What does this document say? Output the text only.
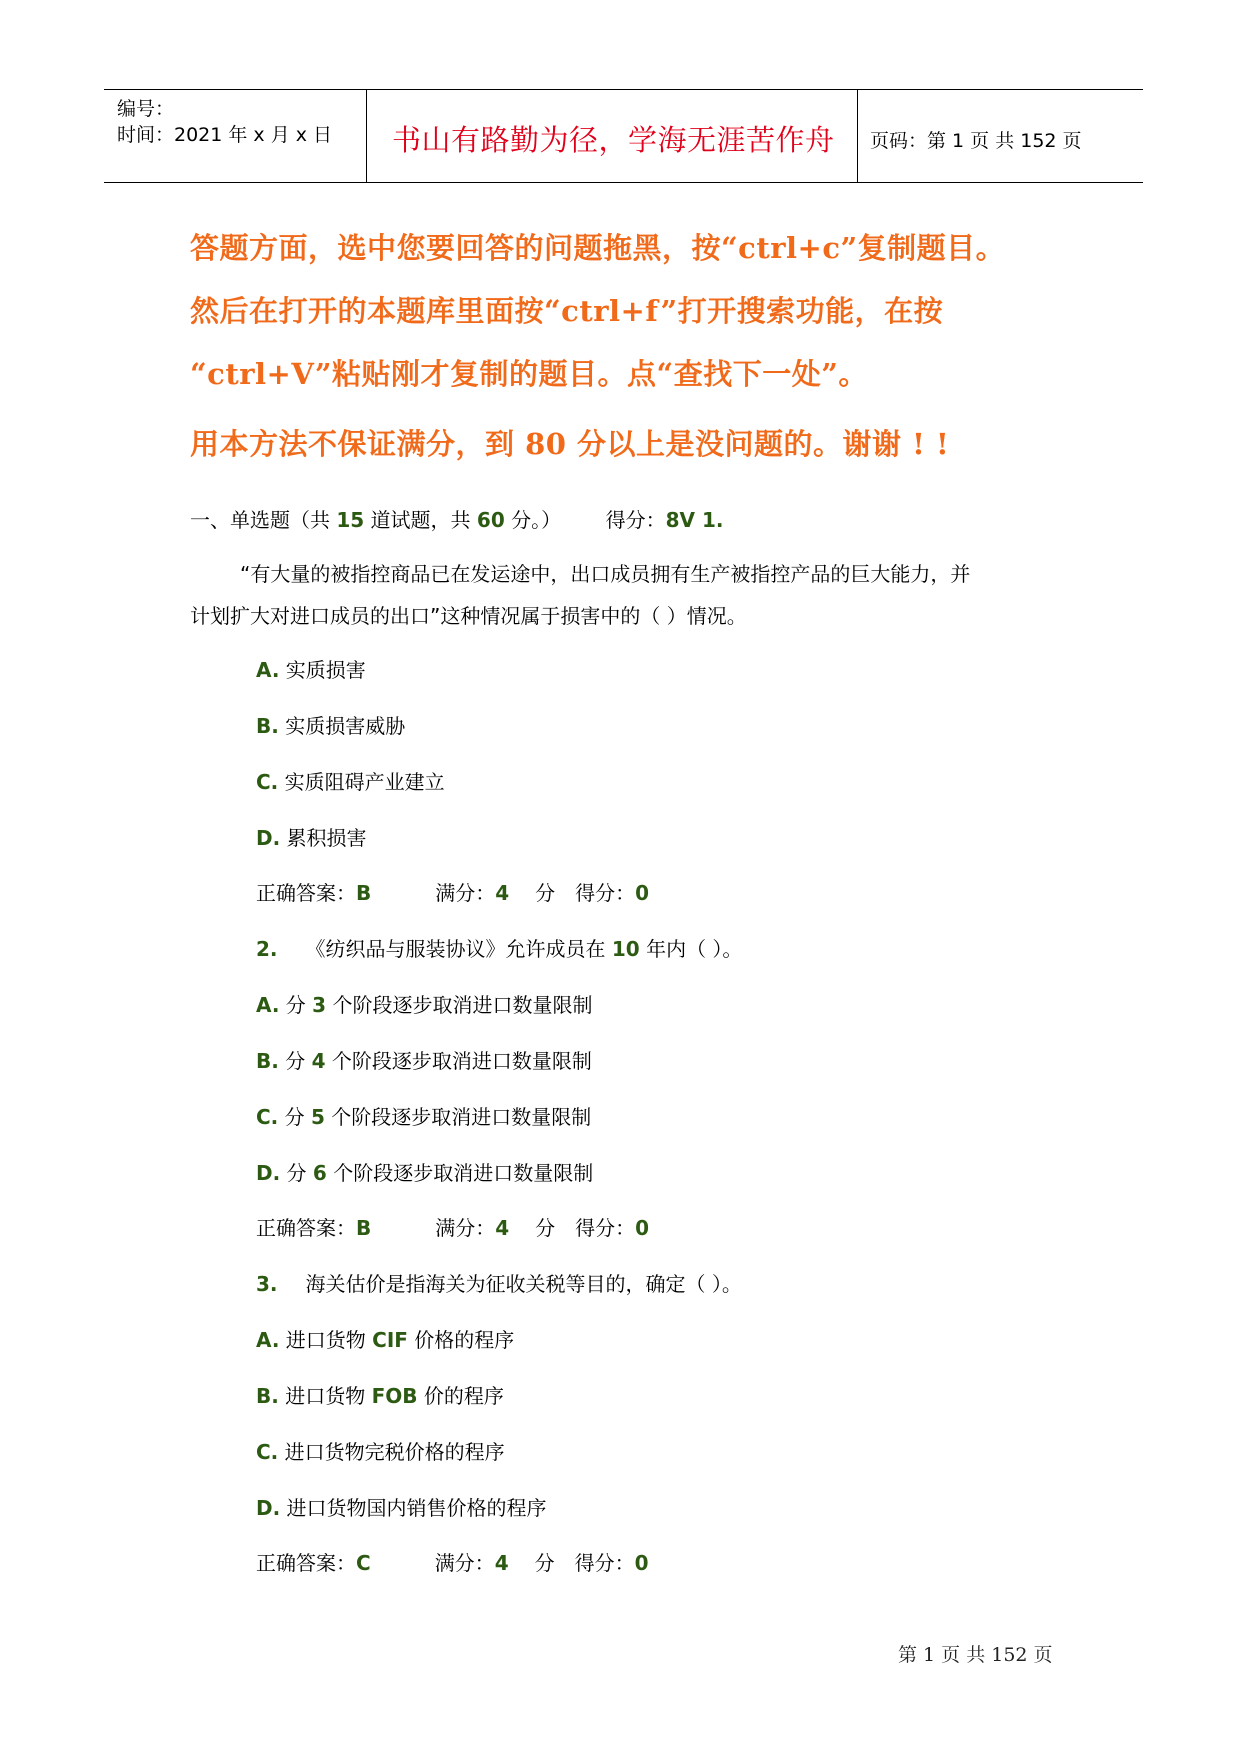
编号：
时间：2021 年 x 月 x 日 书山有路勤为径，学海无涯苦作舟 页码：第 1 页 共 152 页
答题方面，选中您要回答的问题拖黑，按“ctrl+c”复制题目。
然后在打开的本题库里面按“ctrl+f”打开搜索功能，在按
“ctrl+V”粘贴刚才复制的题目。点“查找下一处”。
用本方法不保证满分，到 80 分以上是没问题的。谢谢 ! !
一、单选题（共 15 道试题，共 60 分。）       得分：8V 1.
“有大量的被指控商品已在发运途中，出口成员拥有生产被指控产品的巨大能力，并
计划扩大对进口成员的出口”这种情况属于损害中的（ ）情况。
A. 实质损害
B. 实质损害威胁
C. 实质阻碍产业建立
D. 累积损害
正确答案：B	满分：4 分 得分：0
2. 《纺织品与服装协议》允许成员在 10 年内（ ）。
A. 分 3 个阶段逐步取消进口数量限制
B. 分 4 个阶段逐步取消进口数量限制
C. 分 5 个阶段逐步取消进口数量限制
D. 分 6 个阶段逐步取消进口数量限制
正确答案：B	满分：4 分 得分：0
3. 海关估价是指海关为征收关税等目的，确定（ ）。
A. 进口货物 CIF 价格的程序
B. 进口货物 FOB 价的程序
C. 进口货物完税价格的程序
D. 进口货物国内销售价格的程序
正确答案：C	满分：4 分 得分：0
第 1 页 共 152 页
